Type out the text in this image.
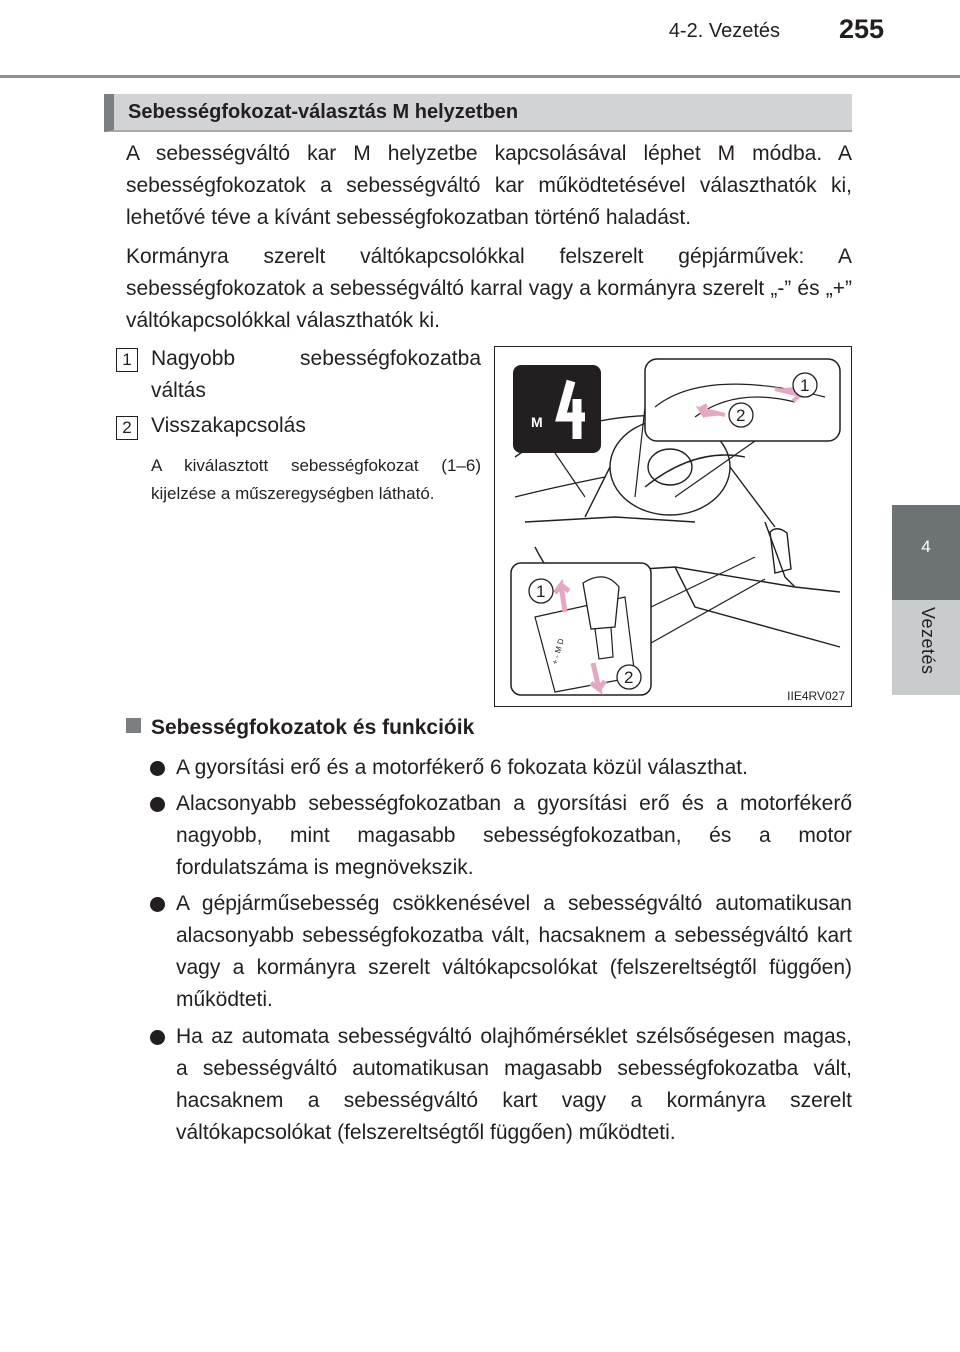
4-2. Vezetés 255
4
Vezetés
Sebességfokozat-választás M helyzetben

A sebességváltó kar M helyzetbe kapcsolásával léphet M módba. A sebességfokozatok a sebességváltó kar működtetésével választhatók ki, lehetővé téve a kívánt sebességfokozatban történő haladást.

Kormányra szerelt váltókapcsolókkal felszerelt gépjárművek: A sebességfokozatok a sebességváltó karral vagy a kormányra szerelt „-” és „+” váltókapcsolókkal választhatók ki.

1 Nagyobb sebességfokozatba váltás
2 Visszakapcsolás
A kiválasztott sebességfokozat (1–6) kijelzése a műszeregységben látható.
M
1
2
+ - M D
1
2
IIE4RV027
Sebességfokozatok és funkcióik
A gyorsítási erő és a motorfékerő 6 fokozata közül választhat.
Alacsonyabb sebességfokozatban a gyorsítási erő és a motorfékerő nagyobb, mint magasabb sebességfokozatban, és a motor fordulatszáma is megnövekszik.
A gépjárműsebesség csökkenésével a sebességváltó automatikusan alacsonyabb sebességfokozatba vált, hacsaknem a sebességváltó kart vagy a kormányra szerelt váltókapcsolókat (felszereltségtől függően) működteti.
Ha az automata sebességváltó olajhőmérséklet szélsőségesen magas, a sebességváltó automatikusan magasabb sebességfokozatba vált, hacsaknem a sebességváltó kart vagy a kormányra szerelt váltókapcsolókat (felszereltségtől függően) működteti.
